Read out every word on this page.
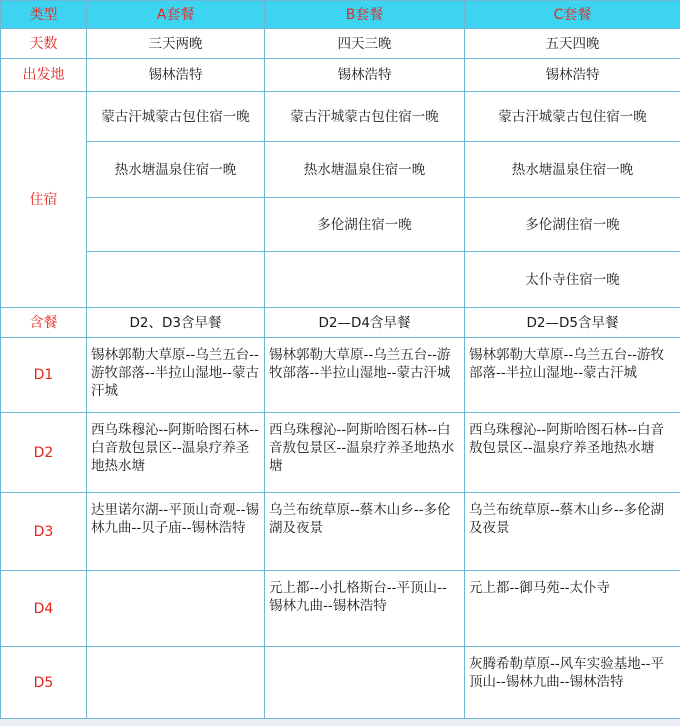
类型	A套餐	B套餐	C套餐
天数	三天两晚	四天三晚	五天四晚
出发地	锡林浩特	锡林浩特	锡林浩特
住宿	蒙古汗城蒙古包住宿一晚	蒙古汗城蒙古包住宿一晚	蒙古汗城蒙古包住宿一晚
	热水塘温泉住宿一晚	热水塘温泉住宿一晚	热水塘温泉住宿一晚
		多伦湖住宿一晚	多伦湖住宿一晚
			太仆寺住宿一晚
含餐	D2、D3含早餐	D2—D4含早餐	D2—D5含早餐
D1	锡林郭勒大草原--乌兰五台--游牧部落--半拉山湿地--蒙古汗城	锡林郭勒大草原--乌兰五台--游牧部落--半拉山湿地--蒙古汗城	锡林郭勒大草原--乌兰五台--游牧部落--半拉山湿地--蒙古汗城
D2	西乌珠穆沁--阿斯哈图石林--白音敖包景区--温泉疗养圣地热水塘	西乌珠穆沁--阿斯哈图石林--白音敖包景区--温泉疗养圣地热水塘	西乌珠穆沁--阿斯哈图石林--白音敖包景区--温泉疗养圣地热水塘
D3	达里诺尔湖--平顶山奇观--锡林九曲--贝子庙--锡林浩特	乌兰布统草原--蔡木山乡--多伦湖及夜景	乌兰布统草原--蔡木山乡--多伦湖及夜景
D4		元上都--小扎格斯台--平顶山--锡林九曲--锡林浩特	元上都--御马苑--太仆寺
D5			灰腾希勒草原--风车实验基地--平顶山--锡林九曲--锡林浩特
